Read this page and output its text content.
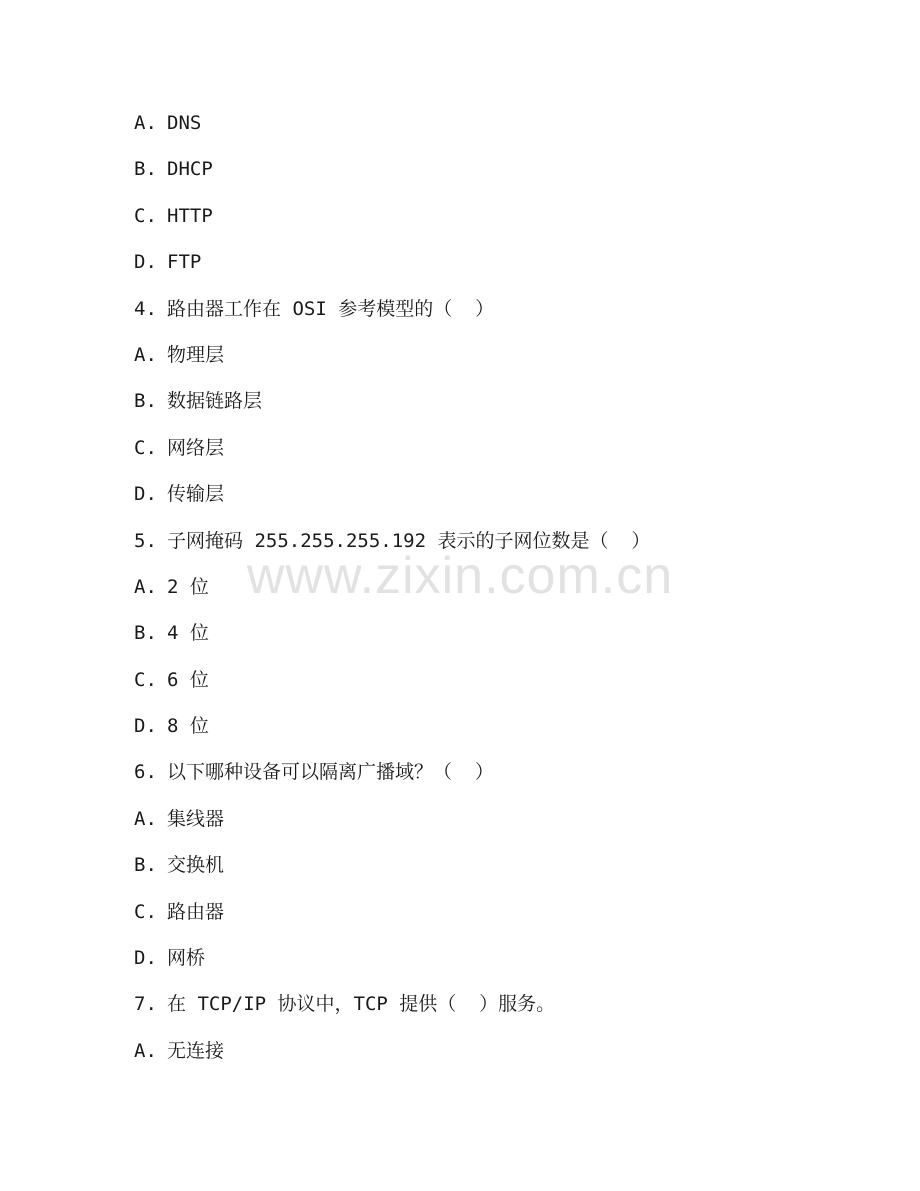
A. DNS
B. DHCP
C. HTTP
D. FTP
4. 路由器工作在 OSI 参考模型的（  ）
A. 物理层
B. 数据链路层
C. 网络层
D. 传输层
5. 子网掩码 255.255.255.192 表示的子网位数是（  ）
A. 2 位
B. 4 位
C. 6 位
D. 8 位
6. 以下哪种设备可以隔离广播域？（  ）
A. 集线器
B. 交换机
C. 路由器
D. 网桥
7. 在 TCP/IP 协议中，TCP 提供（  ）服务。
A. 无连接
www.zixin.com.cn
